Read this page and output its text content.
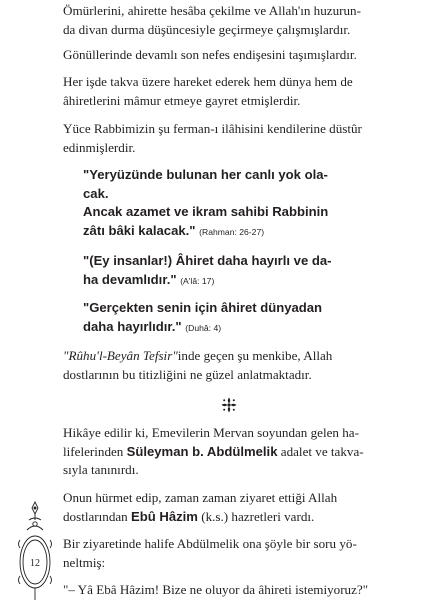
Ömürlerini, ahirette hesâba çekilme ve Allah'ın huzurun-
da divan durma düşüncesiyle geçirmeye çalışmışlardır.

Gönüllerinde devamlı son nefes endişesini taşımışlardır.

Her işde takva üzere hareket ederek hem dünya hem de
âhiretlerini mâmur etmeye gayret etmişlerdir.

Yüce Rabbimizin şu ferman-ı ilâhisini kendilerine düstûr
edinmişlerdir.

"Yeryüzünde bulunan her canlı yok ola-
cak.
Ancak azamet ve ikram sahibi Rabbinin
zâtı bâki kalacak." (Rahman: 26-27)

"(Ey insanlar!) Âhiret daha hayırlı ve da-
ha devamlıdır." (A'lâ: 17)

"Gerçekten senin için âhiret dünyadan
daha hayırlıdır." (Duhâ: 4)

"Rûhu'l-Beyân Tefsir"inde geçen şu menkibe, Allah
dostlarının bu titizliğini ne güzel anlatmaktadır.

Hikâye edilir ki, Emevilerin Mervan soyundan gelen ha-
lifelerinden Süleyman b. Abdülmelik adalet ve takva-
sıyla tanınırdı.

Onun hürmet edip, zaman zaman ziyaret ettiği Allah
dostlarından Ebû Hâzim (k.s.) hazretleri vardı.

Bir ziyaretinde halife Abdülmelik ona şöyle bir soru yö-
neltmiş:

"– Yâ Ebâ Hâzim! Bize ne oluyor da âhireti istemiyoruz?"

12
